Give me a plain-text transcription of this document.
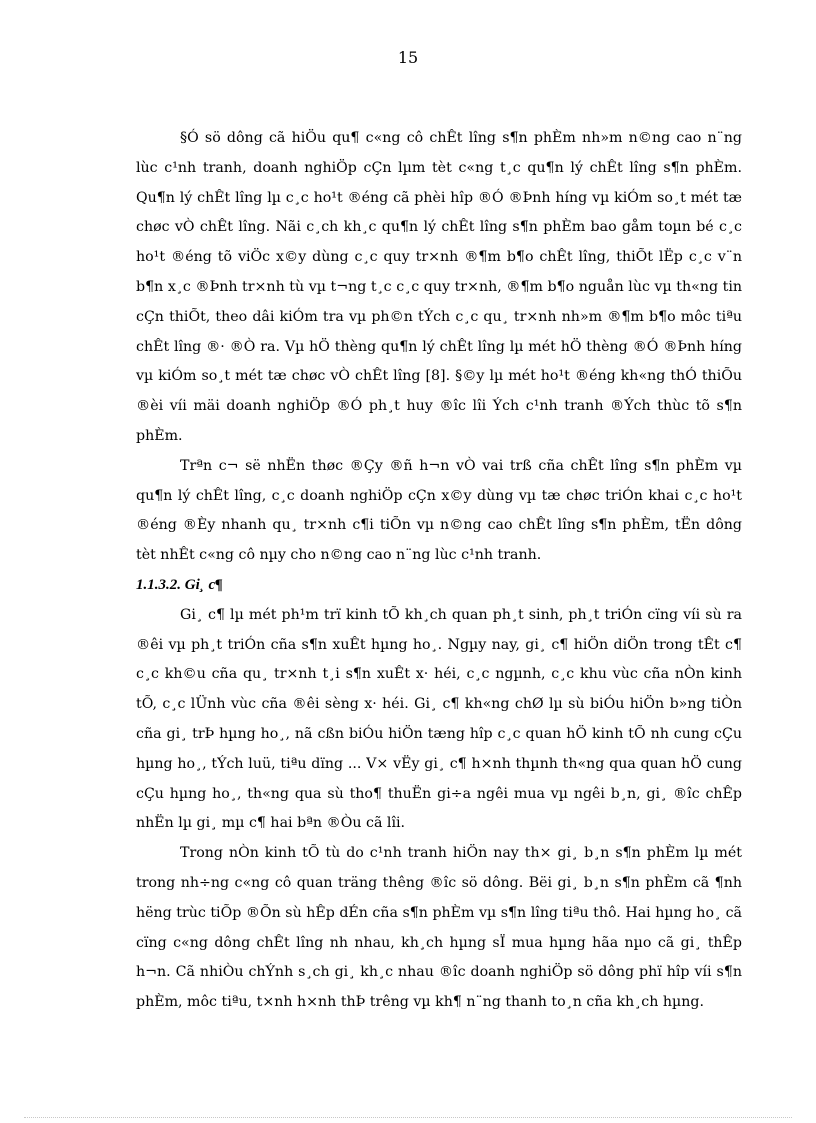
15

§Ó sö dông cã hiÖu qu¶ c«ng cô chÊt lîng s¶n phÈm nh»m n©ng cao n¨ng lùc c¹nh tranh, doanh nghiÖp cÇn lµm tèt c«ng t¸c qu¶n lý chÊt lîng s¶n phÈm. Qu¶n lý chÊt lîng lµ c¸c ho¹t ®éng cã phèi hîp ®Ó ®Þnh híng vµ kiÓm so¸t mét tæ chøc vÒ chÊt lîng. Nãi c¸ch kh¸c qu¶n lý chÊt lîng s¶n phÈm bao gåm toµn bé c¸c ho¹t ®éng tõ viÖc x©y dùng c¸c quy tr×nh ®¶m b¶o chÊt lîng, thiÕt lËp c¸c v¨n b¶n x¸c ®Þnh tr×nh tù vµ t¬ng t¸c c¸c quy tr×nh, ®¶m b¶o nguån lùc vµ th«ng tin cÇn thiÕt, theo dâi kiÓm tra vµ ph©n tÝch c¸c qu¸ tr×nh nh»m ®¶m b¶o môc tiªu chÊt lîng ®· ®Ò ra. Vµ hÖ thèng qu¶n lý chÊt lîng lµ mét hÖ thèng ®Ó ®Þnh híng vµ kiÓm so¸t mét tæ chøc vÒ chÊt lîng [8]. §©y lµ mét ho¹t ®éng kh«ng thÓ thiÕu ®èi víi mäi doanh nghiÖp ®Ó ph¸t huy ®îc lîi Ých c¹nh tranh ®Ých thùc tõ s¶n phÈm.

Trªn c¬ së nhËn thøc ®Çy ®ñ h¬n vÒ vai trß cña chÊt lîng s¶n phÈm vµ qu¶n lý chÊt lîng, c¸c doanh nghiÖp cÇn x©y dùng vµ tæ chøc triÓn khai c¸c ho¹t ®éng ®Èy nhanh qu¸ tr×nh c¶i tiÕn vµ n©ng cao chÊt lîng s¶n phÈm, tËn dông tèt nhÊt c«ng cô nµy cho n©ng cao n¨ng lùc c¹nh tranh.

1.1.3.2. Gi¸ c¶

Gi¸ c¶ lµ mét ph¹m trï kinh tÕ kh¸ch quan ph¸t sinh, ph¸t triÓn cïng víi sù ra ®êi vµ ph¸t triÓn cña s¶n xuÊt hµng ho¸. Ngµy nay, gi¸ c¶ hiÖn diÖn trong tÊt c¶ c¸c kh©u cña qu¸ tr×nh t¸i s¶n xuÊt x· héi, c¸c ngµnh, c¸c khu vùc cña nÒn kinh tÕ, c¸c lÜnh vùc cña ®êi sèng x· héi. Gi¸ c¶ kh«ng chØ lµ sù biÓu hiÖn b»ng tiÒn cña gi¸ trÞ hµng ho¸, nã cßn biÓu hiÖn tæng hîp c¸c quan hÖ kinh tÕ nh cung cÇu hµng ho¸, tÝch luü, tiªu dïng ... V× vËy gi¸ c¶ h×nh thµnh th«ng qua quan hÖ cung cÇu hµng ho¸, th«ng qua sù tho¶ thuËn gi÷a ngêi mua vµ ngêi b¸n, gi¸ ®îc chÊp nhËn lµ gi¸ mµ c¶ hai bªn ®Òu cã lîi.

Trong nÒn kinh tÕ tù do c¹nh tranh hiÖn nay th× gi¸ b¸n s¶n phÈm lµ mét trong nh÷ng c«ng cô quan träng thêng ®îc sö dông. Bëi gi¸ b¸n s¶n phÈm cã ¶nh hëng trùc tiÕp ®Õn sù hÊp dÉn cña s¶n phÈm vµ s¶n lîng tiªu thô. Hai hµng ho¸ cã cïng c«ng dông chÊt lîng nh nhau, kh¸ch hµng sÏ mua hµng hãa nµo cã gi¸ thÊp h¬n. Cã nhiÒu chÝnh s¸ch gi¸ kh¸c nhau ®îc doanh nghiÖp sö dông phï hîp víi s¶n phÈm, môc tiªu, t×nh h×nh thÞ trêng vµ kh¶ n¨ng thanh to¸n cña kh¸ch hµng.
